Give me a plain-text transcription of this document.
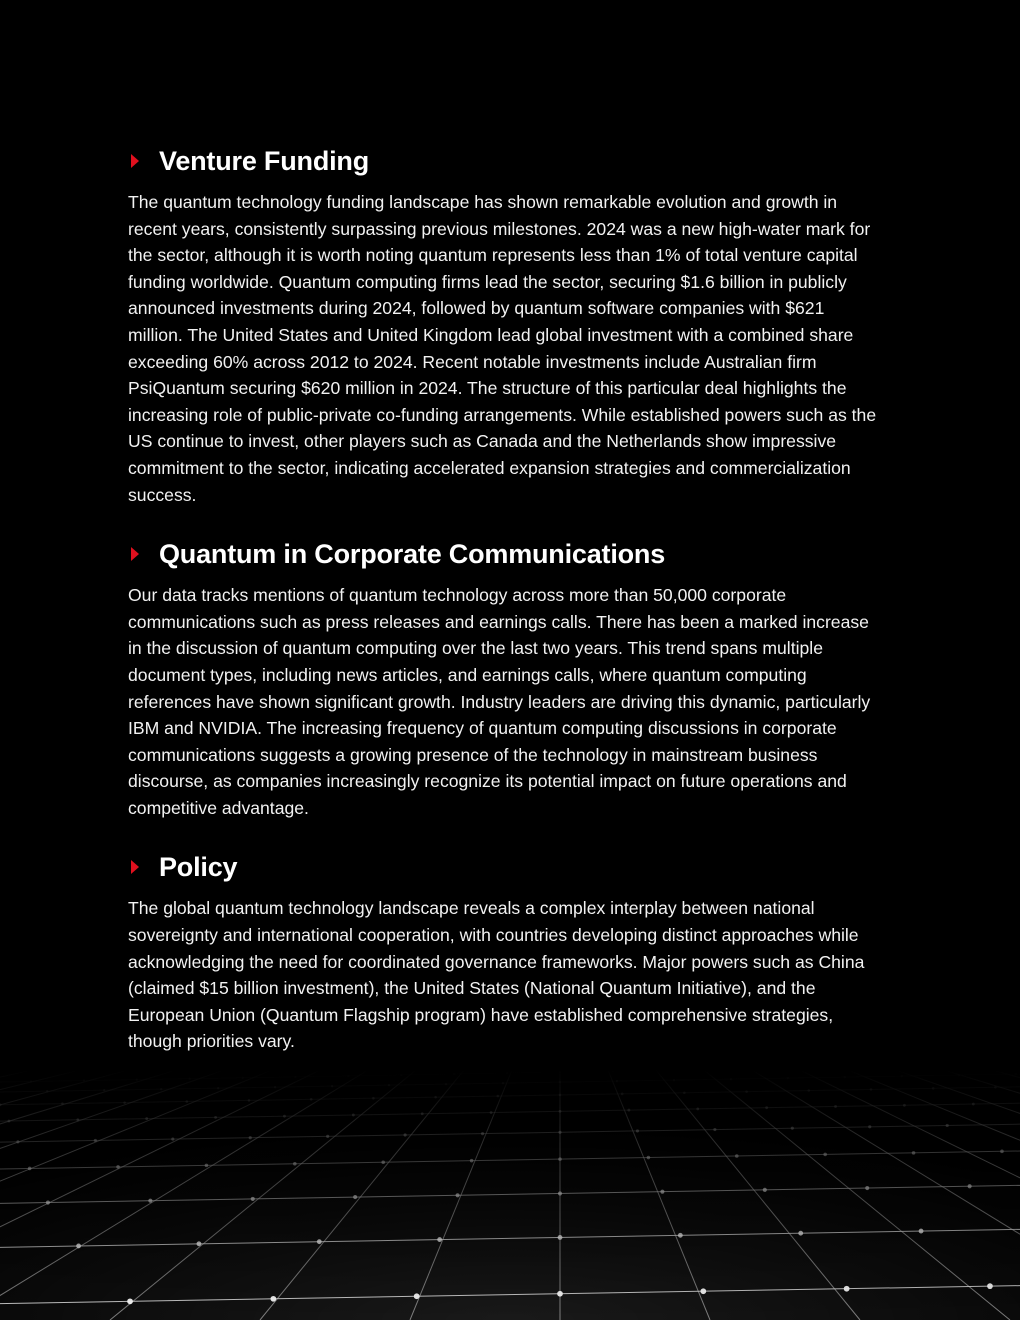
Venture Funding

The quantum technology funding landscape has shown remarkable evolution and growth in recent years, consistently surpassing previous milestones. 2024 was a new high-water mark for the sector, although it is worth noting quantum represents less than 1% of total venture capital funding worldwide. Quantum computing firms lead the sector, securing $1.6 billion in publicly announced investments during 2024, followed by quantum software companies with $621 million. The United States and United Kingdom lead global investment with a combined share exceeding 60% across 2012 to 2024. Recent notable investments include Australian firm PsiQuantum securing $620 million in 2024. The structure of this particular deal highlights the increasing role of public-private co-funding arrangements. While established powers such as the US continue to invest, other players such as Canada and the Netherlands show impressive commitment to the sector, indicating accelerated expansion strategies and commercialization success.

Quantum in Corporate Communications

Our data tracks mentions of quantum technology across more than 50,000 corporate communications such as press releases and earnings calls. There has been a marked increase in the discussion of quantum computing over the last two years. This trend spans multiple document types, including news articles, and earnings calls, where quantum computing references have shown significant growth. Industry leaders are driving this dynamic, particularly IBM and NVIDIA. The increasing frequency of quantum computing discussions in corporate communications suggests a growing presence of the technology in mainstream business discourse, as companies increasingly recognize its potential impact on future operations and competitive advantage.

Policy

The global quantum technology landscape reveals a complex interplay between national sovereignty and international cooperation, with countries developing distinct approaches while acknowledging the need for coordinated governance frameworks. Major powers such as China (claimed $15 billion investment), the United States (National Quantum Initiative), and the European Union (Quantum Flagship program) have established comprehensive strategies, though priorities vary.
